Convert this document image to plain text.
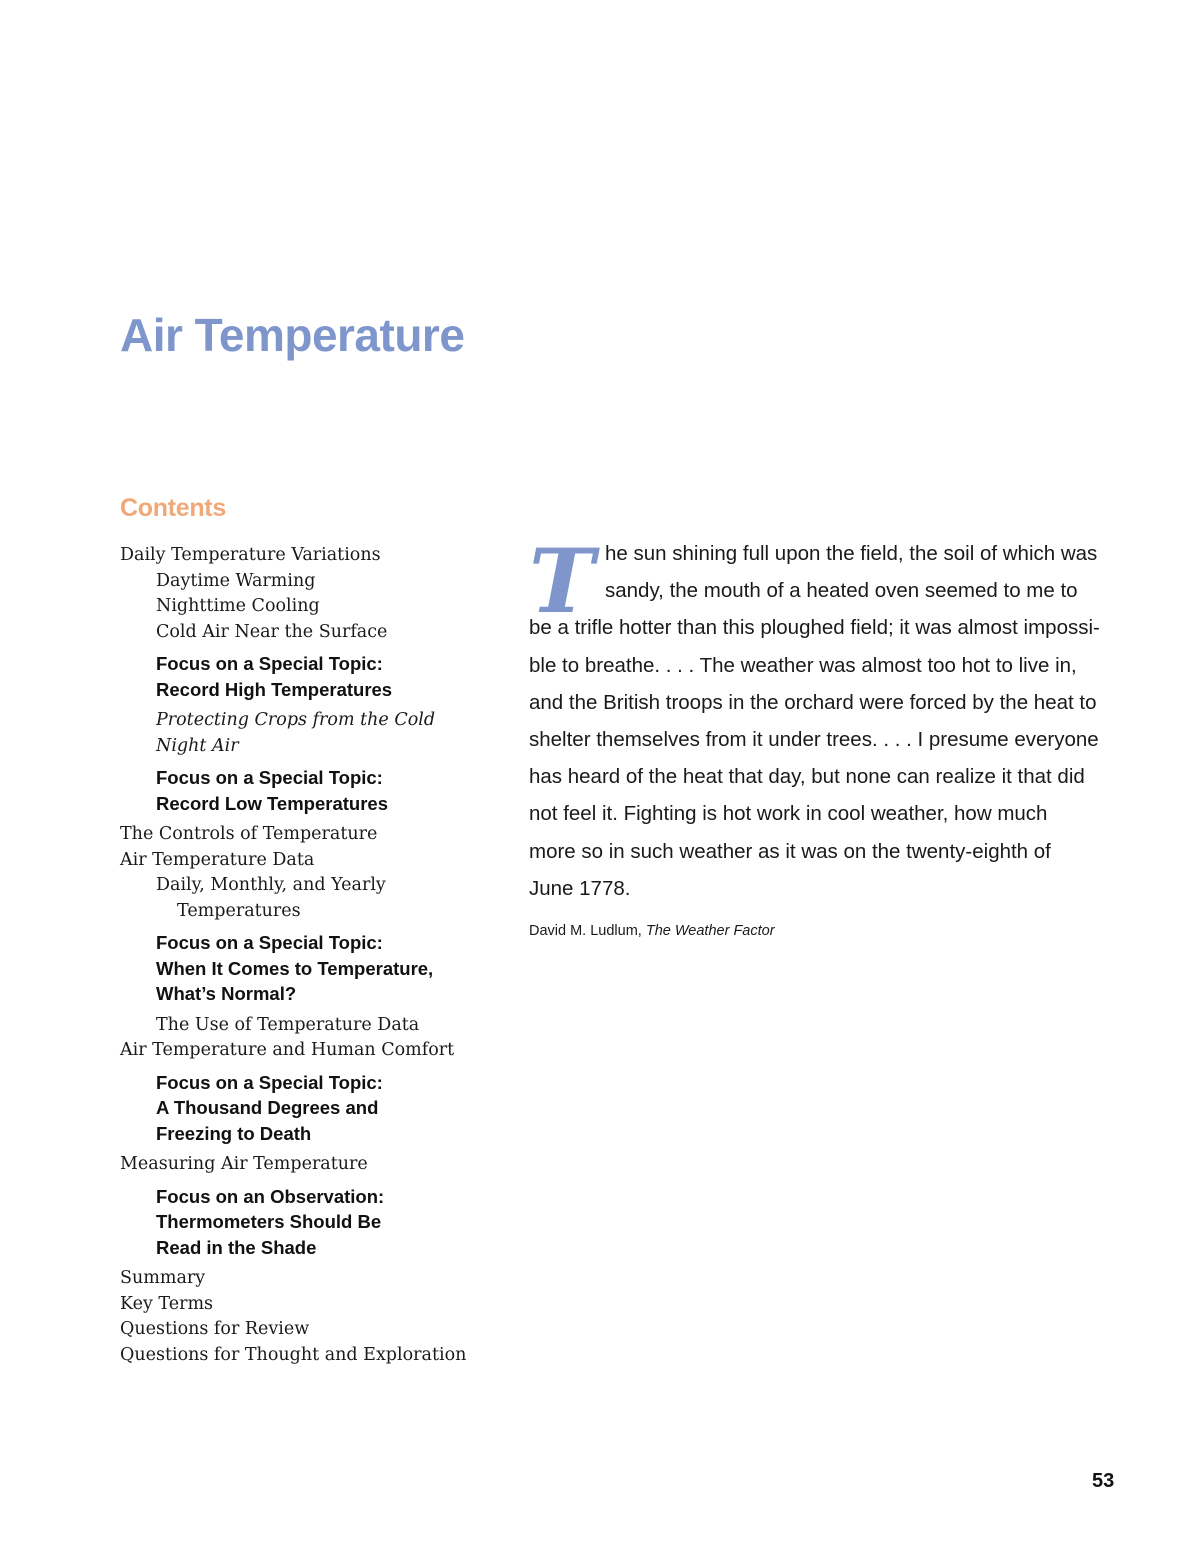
Air Temperature
Contents
Daily Temperature Variations
Daytime Warming
Nighttime Cooling
Cold Air Near the Surface
Focus on a Special Topic:
Record High Temperatures
Protecting Crops from the Cold
Night Air
Focus on a Special Topic:
Record Low Temperatures
The Controls of Temperature
Air Temperature Data
Daily, Monthly, and Yearly
Temperatures
Focus on a Special Topic:
When It Comes to Temperature,
What’s Normal?
The Use of Temperature Data
Air Temperature and Human Comfort
Focus on a Special Topic:
A Thousand Degrees and
Freezing to Death
Measuring Air Temperature
Focus on an Observation:
Thermometers Should Be
Read in the Shade
Summary
Key Terms
Questions for Review
Questions for Thought and Exploration
T he sun shining full upon the field, the soil of which was
sandy, the mouth of a heated oven seemed to me to
be a trifle hotter than this ploughed field; it was almost impossi-
ble to breathe. . . . The weather was almost too hot to live in,
and the British troops in the orchard were forced by the heat to
shelter themselves from it under trees. . . . I presume everyone
has heard of the heat that day, but none can realize it that did
not feel it. Fighting is hot work in cool weather, how much
more so in such weather as it was on the twenty-eighth of
June 1778.
David M. Ludlum, The Weather Factor
53
